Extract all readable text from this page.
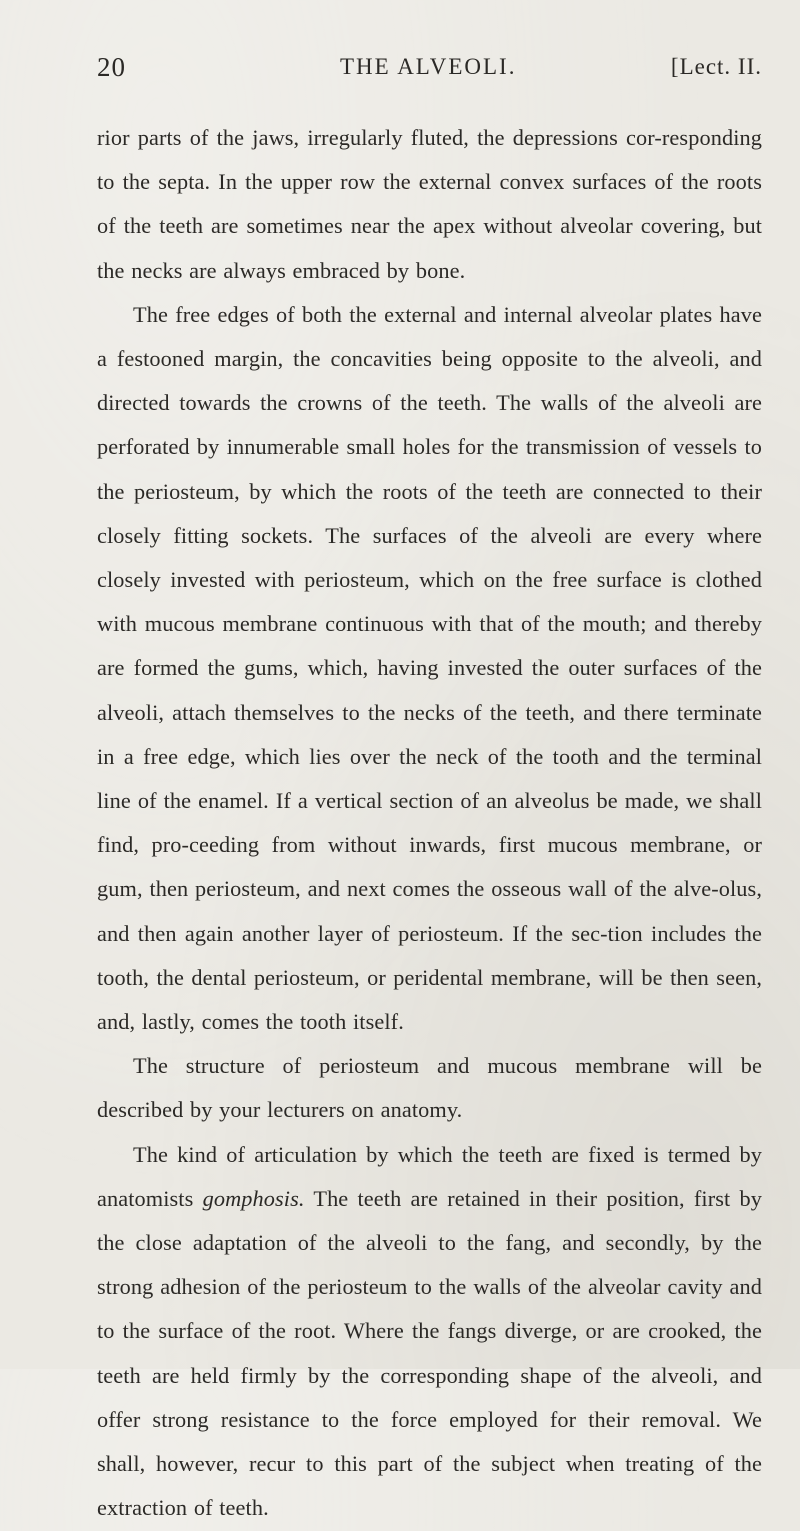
20	THE ALVEOLI.	[Lect. II.

rior parts of the jaws, irregularly fluted, the depressions cor-responding to the septa. In the upper row the external convex surfaces of the roots of the teeth are sometimes near the apex without alveolar covering, but the necks are always embraced by bone.

The free edges of both the external and internal alveolar plates have a festooned margin, the concavities being opposite to the alveoli, and directed towards the crowns of the teeth. The walls of the alveoli are perforated by innumerable small holes for the transmission of vessels to the periosteum, by which the roots of the teeth are connected to their closely fitting sockets. The surfaces of the alveoli are every where closely invested with periosteum, which on the free surface is clothed with mucous membrane continuous with that of the mouth; and thereby are formed the gums, which, having invested the outer surfaces of the alveoli, attach themselves to the necks of the teeth, and there terminate in a free edge, which lies over the neck of the tooth and the terminal line of the enamel. If a vertical section of an alveolus be made, we shall find, pro-ceeding from without inwards, first mucous membrane, or gum, then periosteum, and next comes the osseous wall of the alve-olus, and then again another layer of periosteum. If the sec-tion includes the tooth, the dental periosteum, or peridental membrane, will be then seen, and, lastly, comes the tooth itself.

The structure of periosteum and mucous membrane will be described by your lecturers on anatomy.

The kind of articulation by which the teeth are fixed is termed by anatomists gomphosis. The teeth are retained in their position, first by the close adaptation of the alveoli to the fang, and secondly, by the strong adhesion of the periosteum to the walls of the alveolar cavity and to the surface of the root. Where the fangs diverge, or are crooked, the teeth are held firmly by the corresponding shape of the alveoli, and offer strong resistance to the force employed for their removal. We shall, however, recur to this part of the subject when treating of the extraction of teeth.
